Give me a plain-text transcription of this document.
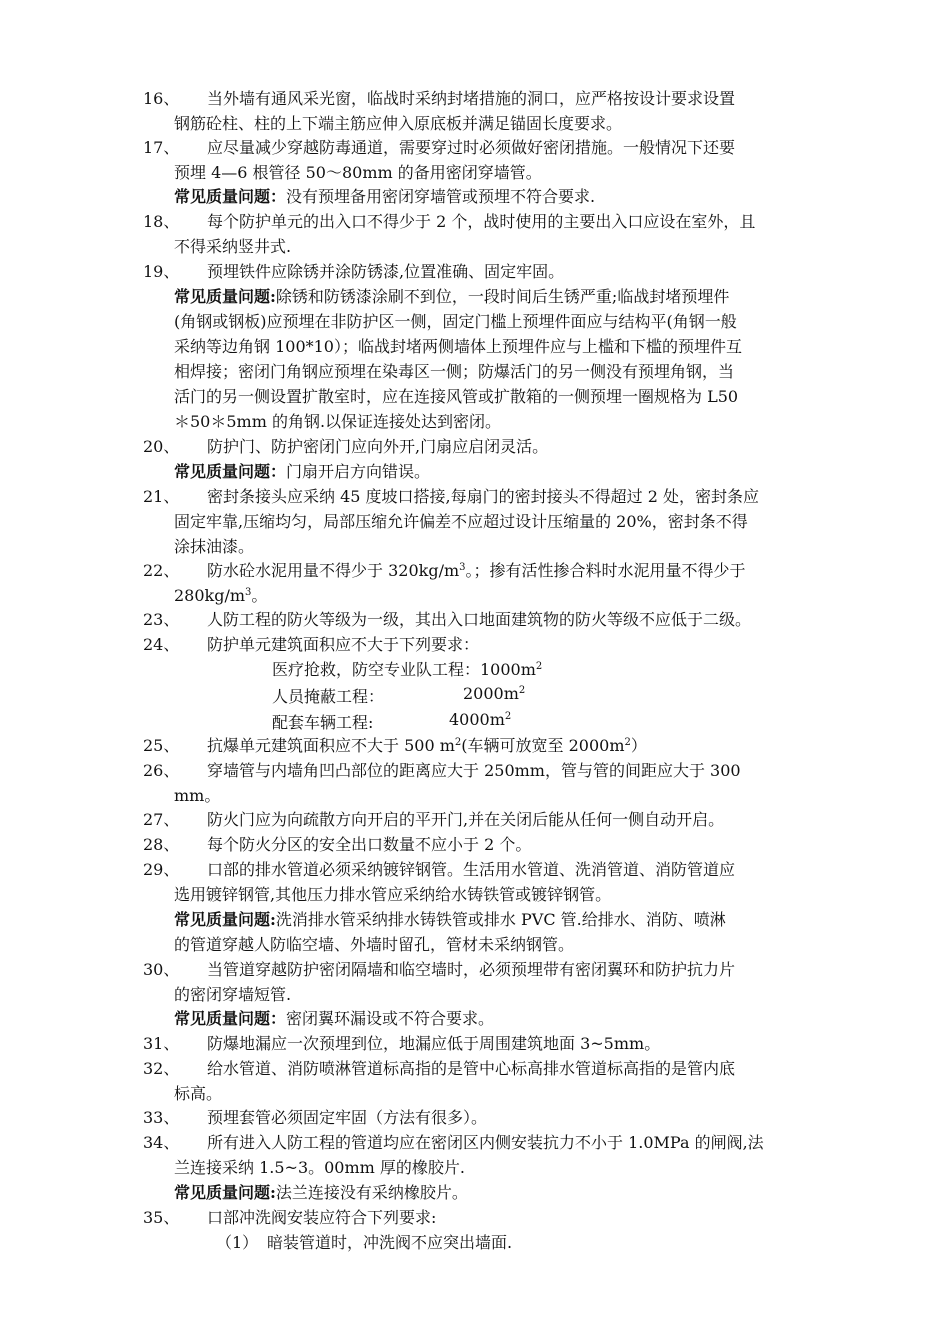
16、 当外墙有通风采光窗，临战时采纳封堵措施的洞口，应严格按设计要求设置
钢筋砼柱、柱的上下端主筋应伸入原底板并满足锚固长度要求。
17、 应尽量减少穿越防毒通道，需要穿过时必须做好密闭措施。一般情况下还要
预埋 4—6 根管径 50～80mm 的备用密闭穿墙管。
常见质量问题：没有预埋备用密闭穿墙管或预埋不符合要求.
18、 每个防护单元的出入口不得少于 2 个，战时使用的主要出入口应设在室外，且
不得采纳竖井式.
19、 预埋铁件应除锈并涂防锈漆,位置准确、固定牢固。
常见质量问题:除锈和防锈漆涂刷不到位，一段时间后生锈严重;临战封堵预埋件
(角钢或钢板)应预埋在非防护区一侧，固定门槛上预埋件面应与结构平(角钢一般
采纳等边角钢 100*10）；临战封堵两侧墙体上预埋件应与上槛和下槛的预埋件互
相焊接；密闭门角钢应预埋在染毒区一侧；防爆活门的另一侧没有预埋角钢，当
活门的另一侧设置扩散室时，应在连接风管或扩散箱的一侧预埋一圈规格为 L50
＊50＊5mm 的角钢.以保证连接处达到密闭。
20、 防护门、防护密闭门应向外开,门扇应启闭灵活。
常见质量问题：门扇开启方向错误。
21、 密封条接头应采纳 45 度坡口搭接,每扇门的密封接头不得超过 2 处，密封条应
固定牢靠,压缩均匀，局部压缩允许偏差不应超过设计压缩量的 20%，密封条不得
涂抹油漆。
22、 防水砼水泥用量不得少于 $320kg/m^3$。；掺有活性掺合料时水泥用量不得少于
$280kg/m^3$。
23、 人防工程的防火等级为一级，其出入口地面建筑物的防火等级不应低于二级。
24、 防护单元建筑面积应不大于下列要求：
医疗抢救，防空专业队工程：$1000m^2$
人员掩蔽工程：	$2000m^2$
配套车辆工程:	$4000m^2$
25、 抗爆单元建筑面积应不大于 500 $m^2$(车辆可放宽至 $2000m^2$）
26、 穿墙管与内墙角凹凸部位的距离应大于 250mm，管与管的间距应大于 300
mm。
27、 防火门应为向疏散方向开启的平开门,并在关闭后能从任何一侧自动开启。
28、 每个防火分区的安全出口数量不应小于 2 个。
29、 口部的排水管道必须采纳镀锌钢管。生活用水管道、洗消管道、消防管道应
选用镀锌钢管,其他压力排水管应采纳给水铸铁管或镀锌钢管。
常见质量问题:洗消排水管采纳排水铸铁管或排水 PVC 管.给排水、消防、喷淋
的管道穿越人防临空墙、外墙时留孔，管材未采纳钢管。
30、 当管道穿越防护密闭隔墙和临空墙时，必须预埋带有密闭翼环和防护抗力片
的密闭穿墙短管.
常见质量问题：密闭翼环漏设或不符合要求。
31、 防爆地漏应一次预埋到位，地漏应低于周围建筑地面 3~5mm。
32、 给水管道、消防喷淋管道标高指的是管中心标高排水管道标高指的是管内底
标高。
33、 预埋套管必须固定牢固（方法有很多）。
34、 所有进入人防工程的管道均应在密闭区内侧安装抗力不小于 1.0MPa 的闸阀,法
兰连接采纳 1.5~3。00mm 厚的橡胶片.
常见质量问题:法兰连接没有采纳橡胶片。
35、 口部冲洗阀安装应符合下列要求:
（1） 暗装管道时，冲洗阀不应突出墙面.
